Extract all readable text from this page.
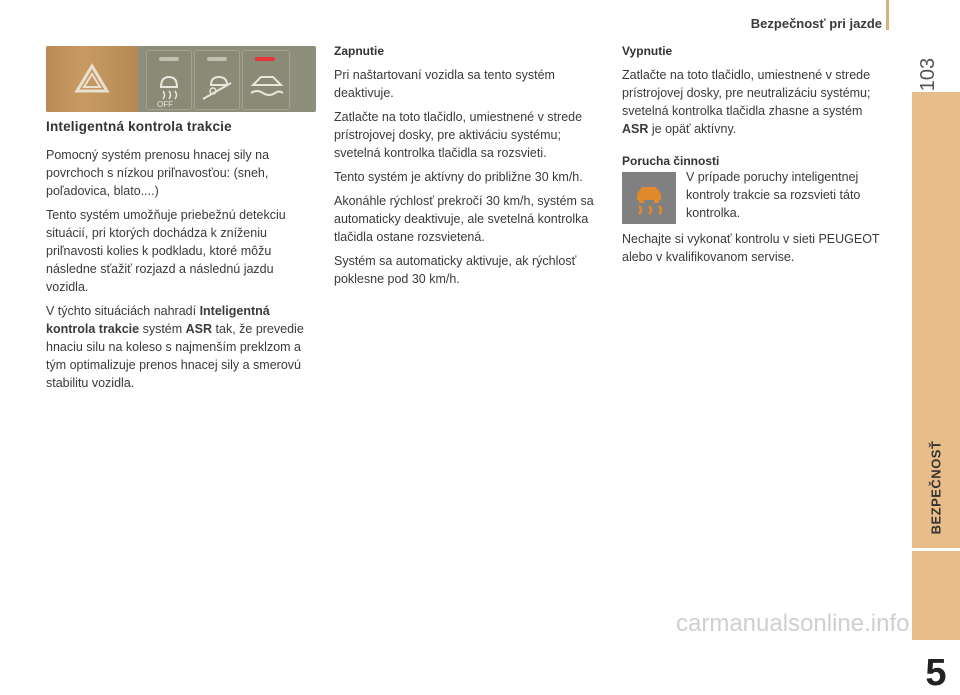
Bezpečnosť pri jazde
103
BEZPEČNOSŤ
5
OFF

Inteligentná kontrola trakcie

Pomocný systém prenosu hnacej sily na povrchoch s nízkou priľnavosťou: (sneh, poľadovica, blato....)

Tento systém umožňuje priebežnú detekciu situácií, pri ktorých dochádza k zníženiu priľnavosti kolies k podkladu, ktoré môžu následne sťažiť rozjazd a následnú jazdu vozidla.

V týchto situáciách nahradí Inteligentná kontrola trakcie systém ASR tak, že prevedie hnaciu silu na koleso s najmenším preklzom a tým optimalizuje prenos hnacej sily a smerovú stabilitu vozidla.

Zapnutie

Pri naštartovaní vozidla sa tento systém deaktivuje.

Zatlačte na toto tlačidlo, umiestnené v strede prístrojovej dosky, pre aktiváciu systému; svetelná kontrolka tlačidla sa rozsvieti.

Tento systém je aktívny do približne 30 km/h.

Akonáhle rýchlosť prekročí 30 km/h, systém sa automaticky deaktivuje, ale svetelná kontrolka tlačidla ostane rozsvietená.

Systém sa automaticky aktivuje, ak rýchlosť poklesne pod 30 km/h.

Vypnutie

Zatlačte na toto tlačidlo, umiestnené v strede prístrojovej dosky, pre neutralizáciu systému; svetelná kontrolka tlačidla zhasne a systém ASR je opäť aktívny.

Porucha činnosti

V prípade poruchy inteligentnej kontroly trakcie sa rozsvieti táto kontrolka.

Nechajte si vykonať kontrolu v sieti PEUGEOT alebo v kvalifikovanom servise.

carmanualsonline.info
